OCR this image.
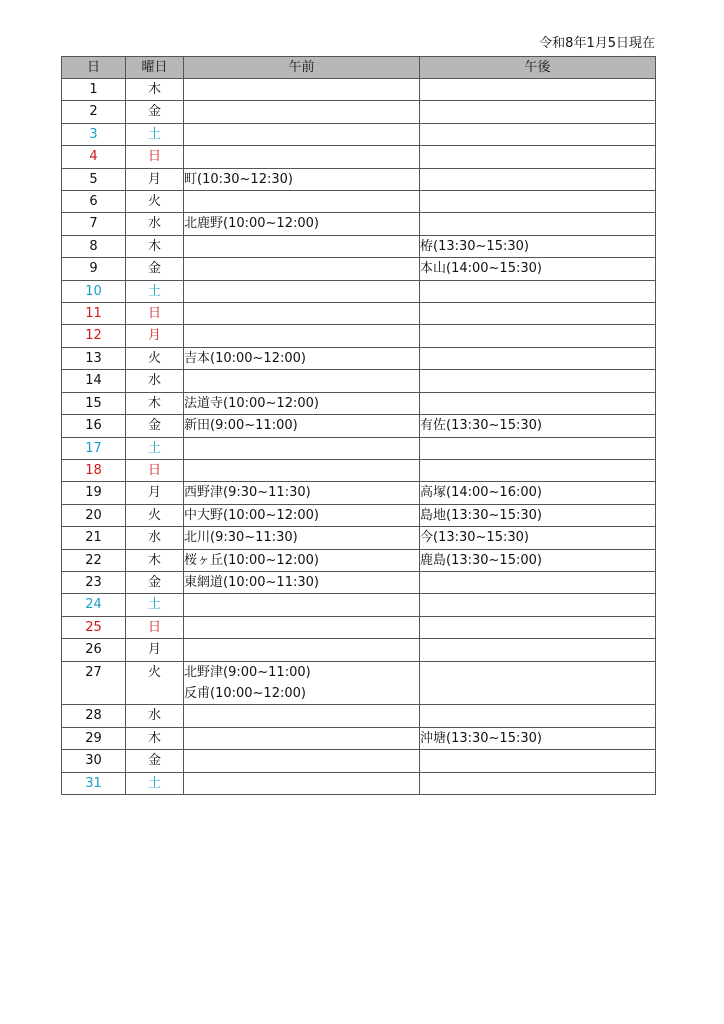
令和8年1月5日現在
日	曜日	午前	午後
1	木		
2	金		
3	土		
4	日		
5	月	町(10:30~12:30)	

6	火		
7	水	北鹿野(10:00~12:00)	

8	木		栫(13:30~15:30)

9	金		本山(14:00~15:30)

10	土		
11	日		
12	月		
13	火	吉本(10:00~12:00)	

14	水		
15	木	法道寺(10:00~12:00)	

16	金	新田(9:00~11:00)	有佐(13:30~15:30)

17	土		
18	日		
19	月	西野津(9:30~11:30)	高塚(14:00~16:00)

20	火	中大野(10:00~12:00)	島地(13:30~15:30)

21	水	北川(9:30~11:30)	今(13:30~15:30)

22	木	桜ヶ丘(10:00~12:00)	鹿島(13:30~15:00)

23	金	東網道(10:00~11:30)	

24	土		
25	日		
26	月		
27	火	北野津(9:00~11:00)
反甫(10:00~12:00)	

28	水		
29	木		沖塘(13:30~15:30)

30	金		
31	土		
